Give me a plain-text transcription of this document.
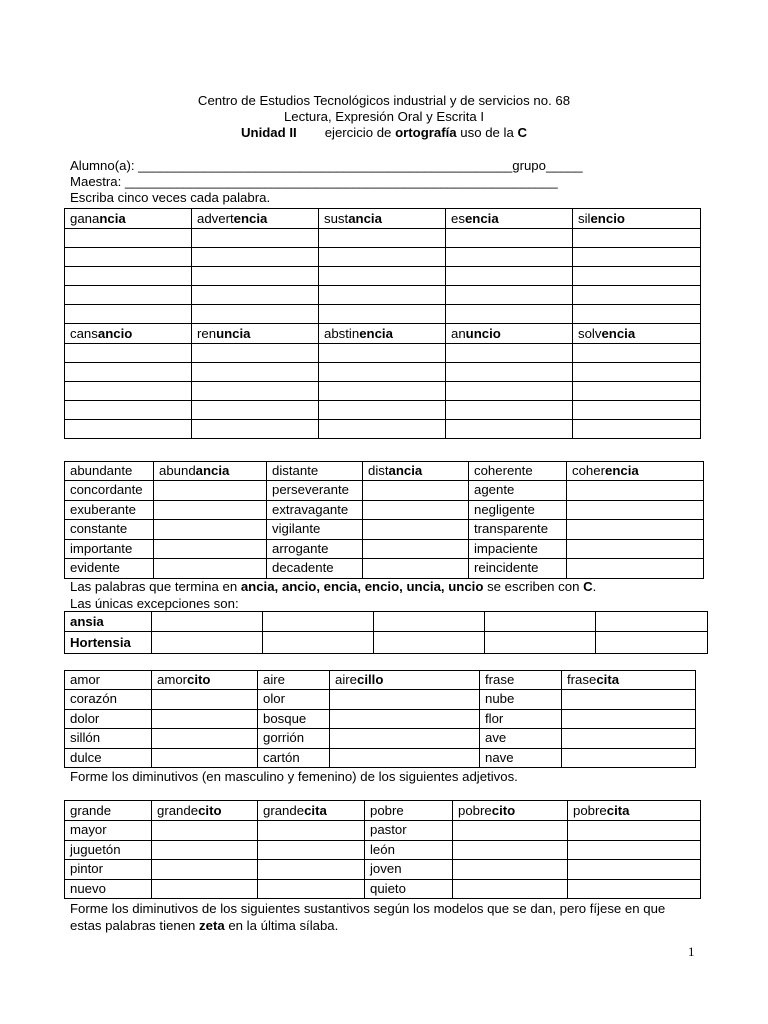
Centro de Estudios Tecnológicos industrial y de servicios no. 68
Lectura, Expresión Oral y Escrita I
Unidad II ejercicio de ortografía uso de la C
Alumno(a): ___________________________________________________grupo_____
Maestra: ___________________________________________________________
Escriba cinco veces cada palabra.
ganancia	advertencia	sustancia	esencia	silencio

cansancio	renuncia	abstinencia	anuncio	solvencia

abundante	abundancia	distante	distancia	coherente	coherencia
concordante		perseverante		agente	
exuberante		extravagante		negligente	
constante		vigilante		transparente	
importante		arrogante		impaciente	
evidente		decadente		reincidente	
Las palabras que termina en ancia, ancio, encia, encio, uncia, uncio se escriben con C.
Las únicas excepciones son:
ansia					
Hortensia					
amor	amorcito	aire	airecillo	frase	frasecita
corazón		olor		nube	
dolor		bosque		flor	
sillón		gorrión		ave	
dulce		cartón		nave	
Forme los diminutivos (en masculino y femenino) de los siguientes adjetivos.
grande	grandecito	grandecita	pobre	pobrecito	pobrecita
mayor			pastor		
juguetón			león		
pintor			joven		
nuevo			quieto		
Forme los diminutivos de los siguientes sustantivos según los modelos que se dan, pero fíjese en que
estas palabras tienen zeta en la última sílaba.
1
